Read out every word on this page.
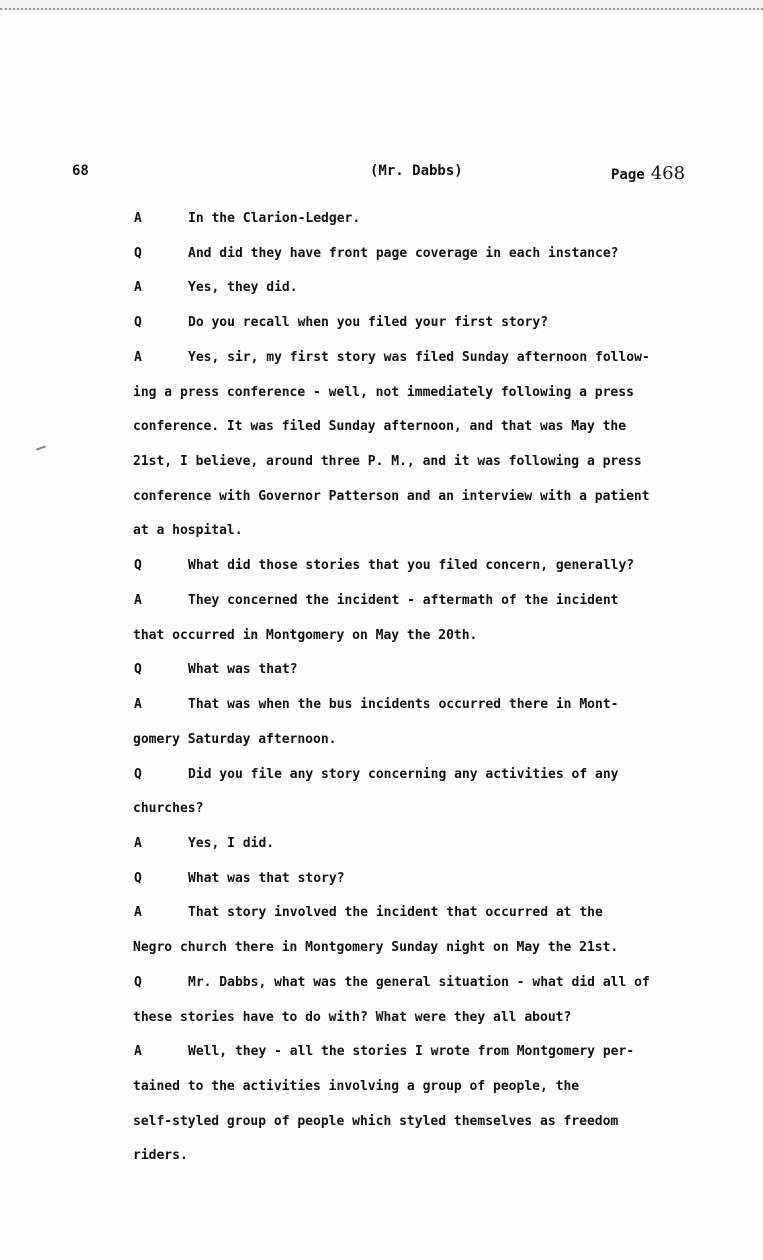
68	(Mr. Dabbs)	Page 468
A	In the Clarion-Ledger.
Q	And did they have front page coverage in each instance?
A	Yes, they did.
Q	Do you recall when you filed your first story?
A	Yes, sir, my first story was filed Sunday afternoon follow-
ing a press conference - well, not immediately following a press
conference. It was filed Sunday afternoon, and that was May the
21st, I believe, around three P. M., and it was following a press
conference with Governor Patterson and an interview with a patient
at a hospital.
Q	What did those stories that you filed concern, generally?
A	They concerned the incident - aftermath of the incident
that occurred in Montgomery on May the 20th.
Q	What was that?
A	That was when the bus incidents occurred there in Mont-
gomery Saturday afternoon.
Q	Did you file any story concerning any activities of any
churches?
A	Yes, I did.
Q	What was that story?
A	That story involved the incident that occurred at the
Negro church there in Montgomery Sunday night on May the 21st.
Q	Mr. Dabbs, what was the general situation - what did all of
these stories have to do with? What were they all about?
A	Well, they - all the stories I wrote from Montgomery per-
tained to the activities involving a group of people, the
self-styled group of people which styled themselves as freedom
riders.
